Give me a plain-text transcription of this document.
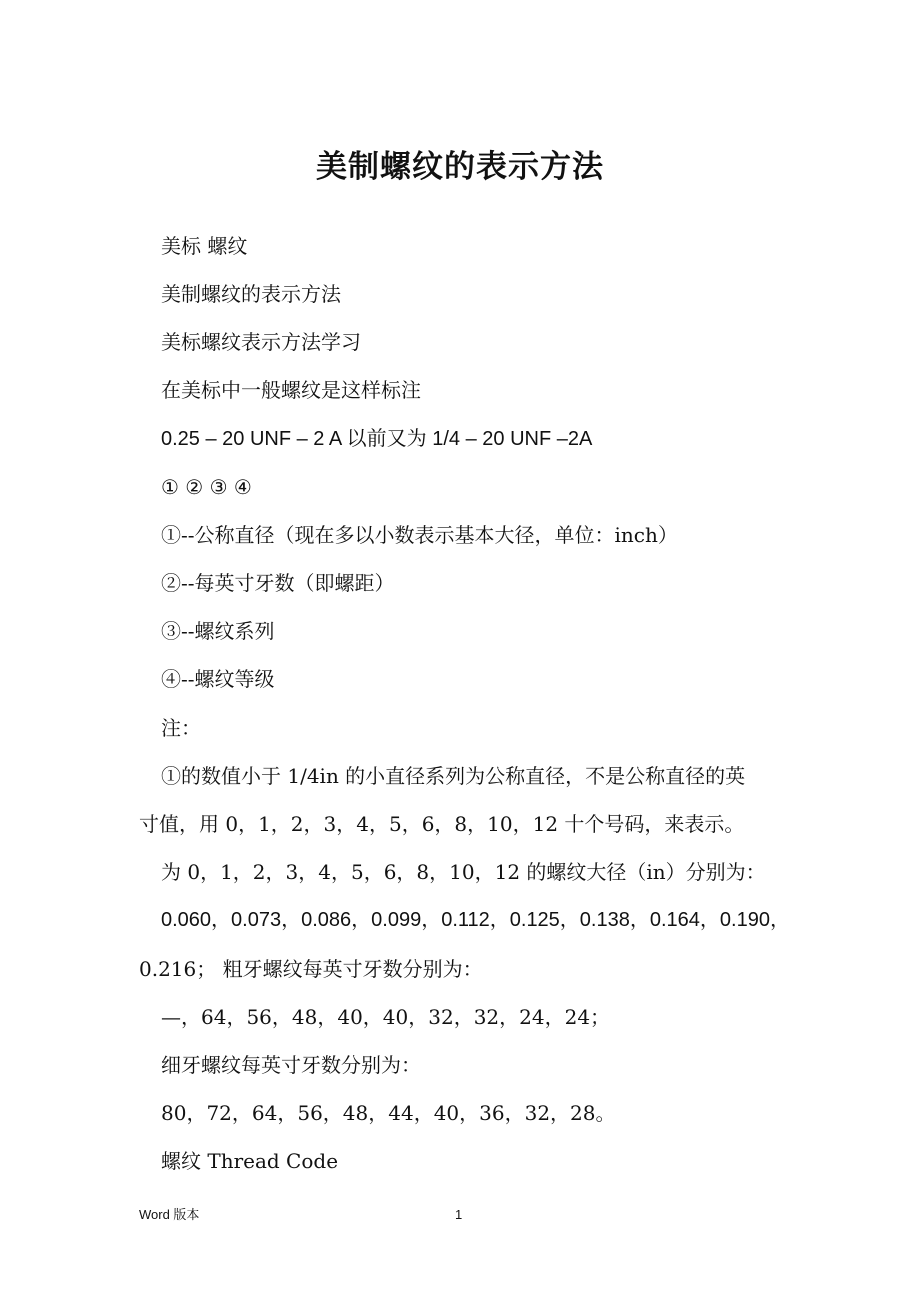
美制螺纹的表示方法
美标 螺纹
美制螺纹的表示方法
美标螺纹表示方法学习
在美标中一般螺纹是这样标注
0.25 – 20 UNF – 2 A 以前又为 1/4 – 20 UNF –2A
① ② ③ ④
①--公称直径（现在多以小数表示基本大径，单位：inch）
②--每英寸牙数（即螺距）
③--螺纹系列
④--螺纹等级
注：
①的数值小于 1/4in 的小直径系列为公称直径，不是公称直径的英
寸值，用 0，1，2，3，4，5，6，8，10，12 十个号码，来表示。
为 0，1，2，3，4，5，6，8，10，12 的螺纹大径（in）分别为：
0.060，0.073，0.086，0.099，0.112，0.125，0.138，0.164，0.190，
0.216； 粗牙螺纹每英寸牙数分别为：
—，64，56，48，40，40，32，32，24，24；
细牙螺纹每英寸牙数分别为：
80，72，64，56，48，44，40，36，32，28。
螺纹 Thread Code
Word 版本	1
